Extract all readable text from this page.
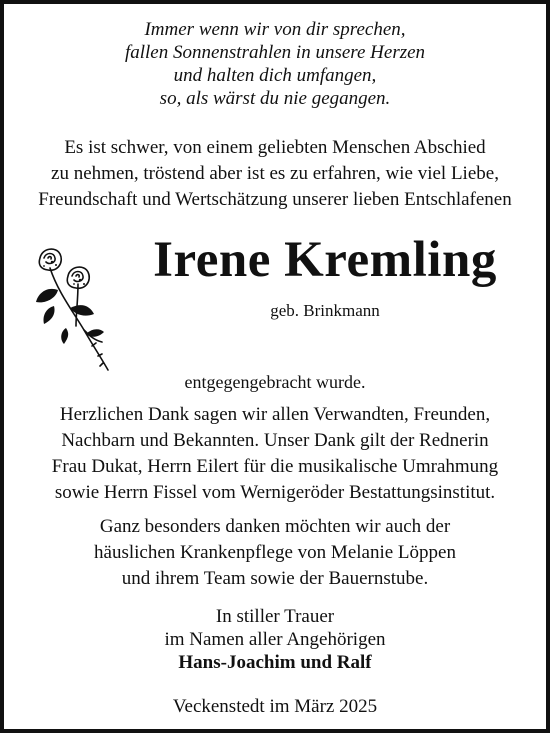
Immer wenn wir von dir sprechen,
fallen Sonnenstrahlen in unsere Herzen
und halten dich umfangen,
so, als wärst du nie gegangen.
Es ist schwer, von einem geliebten Menschen Abschied
zu nehmen, tröstend aber ist es zu erfahren, wie viel Liebe,
Freundschaft und Wertschätzung unserer lieben Entschlafenen
Irene Kremling
geb. Brinkmann
entgegengebracht wurde.
Herzlichen Dank sagen wir allen Verwandten, Freunden,
Nachbarn und Bekannten. Unser Dank gilt der Rednerin
Frau Dukat, Herrn Eilert für die musikalische Umrahmung
sowie Herrn Fissel vom Wernigeröder Bestattungsinstitut.
Ganz besonders danken möchten wir auch der
häuslichen Krankenpflege von Melanie Löppen
und ihrem Team sowie der Bauernstube.
In stiller Trauer
im Namen aller Angehörigen
Hans-Joachim und Ralf
Veckenstedt im März 2025
